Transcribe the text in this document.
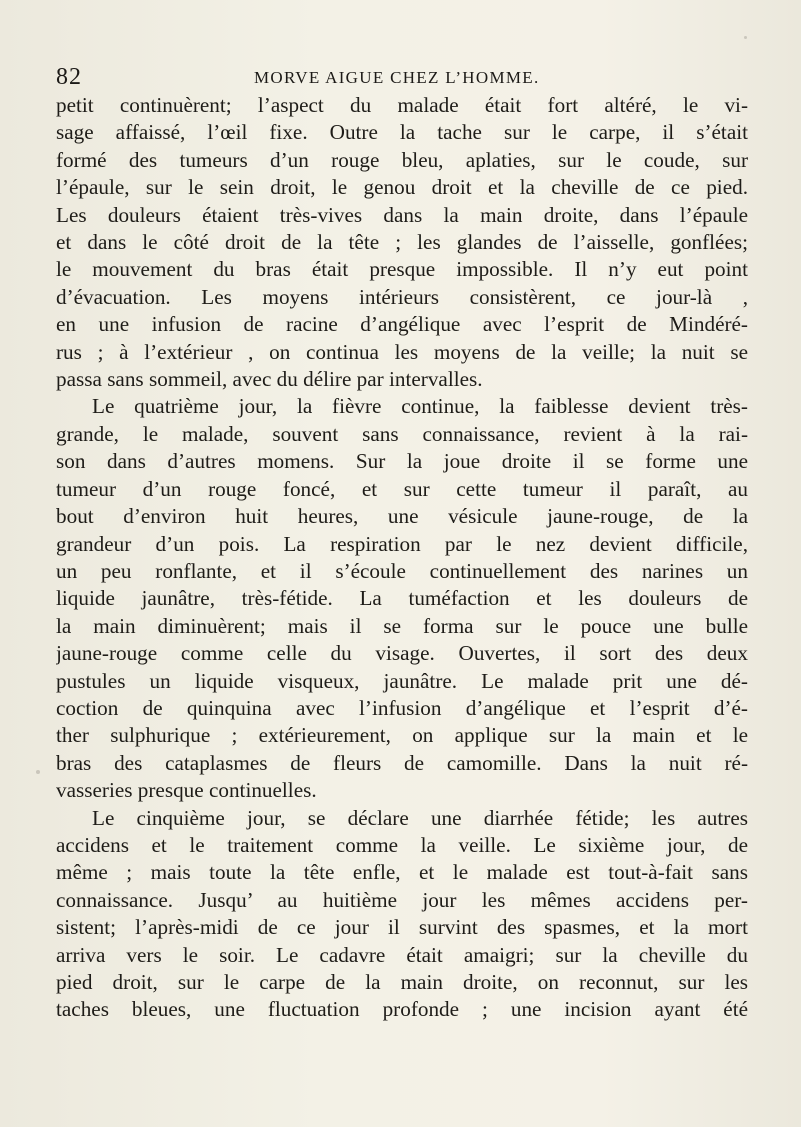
82	MORVE AIGUE CHEZ L’HOMME.
petit continuèrent; l’aspect du malade était fort altéré, le vi-
sage affaissé, l’œil fixe. Outre la tache sur le carpe, il s’était
formé des tumeurs d’un rouge bleu, aplaties, sur le coude, sur
l’épaule, sur le sein droit, le genou droit et la cheville de ce pied.
Les douleurs étaient très-vives dans la main droite, dans l’épaule
et dans le côté droit de la tête ; les glandes de l’aisselle, gonflées;
le mouvement du bras était presque impossible. Il n’y eut point
d’évacuation. Les moyens intérieurs consistèrent, ce jour-là ,
en une infusion de racine d’angélique avec l’esprit de Mindéré-
rus ; à l’extérieur , on continua les moyens de la veille; la nuit se
passa sans sommeil, avec du délire par intervalles.
Le quatrième jour, la fièvre continue, la faiblesse devient très-
grande, le malade, souvent sans connaissance, revient à la rai-
son dans d’autres momens. Sur la joue droite il se forme une
tumeur d’un rouge foncé, et sur cette tumeur il paraît, au
bout d’environ huit heures, une vésicule jaune-rouge, de la
grandeur d’un pois. La respiration par le nez devient difficile,
un peu ronflante, et il s’écoule continuellement des narines un
liquide jaunâtre, très-fétide. La tuméfaction et les douleurs de
la main diminuèrent; mais il se forma sur le pouce une bulle
jaune-rouge comme celle du visage. Ouvertes, il sort des deux
pustules un liquide visqueux, jaunâtre. Le malade prit une dé-
coction de quinquina avec l’infusion d’angélique et l’esprit d’é-
ther sulphurique ; extérieurement, on applique sur la main et le
bras des cataplasmes de fleurs de camomille. Dans la nuit ré-
vasseries presque continuelles.
Le cinquième jour, se déclare une diarrhée fétide; les autres
accidens et le traitement comme la veille. Le sixième jour, de
même ; mais toute la tête enfle, et le malade est tout-à-fait sans
connaissance. Jusqu’ au huitième jour les mêmes accidens per-
sistent; l’après-midi de ce jour il survint des spasmes, et la mort
arriva vers le soir. Le cadavre était amaigri; sur la cheville du
pied droit, sur le carpe de la main droite, on reconnut, sur les
taches bleues, une fluctuation profonde ; une incision ayant été
